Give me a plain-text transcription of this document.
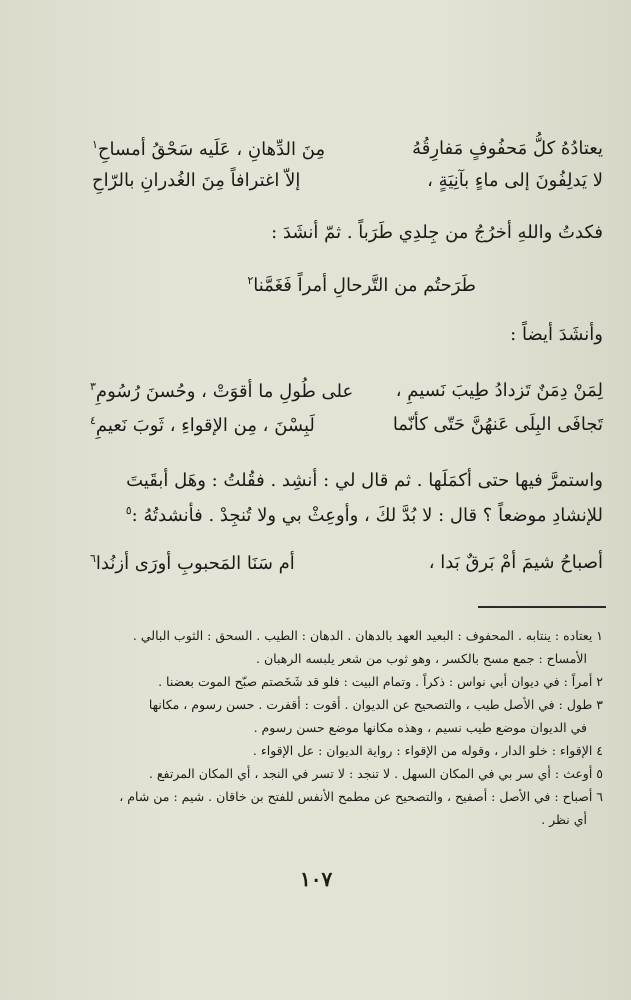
يعتادُهُ كلُّ مَحفُوفٍ مَفارِقُهُ
مِنَ الدِّهانِ ، عَلَيه سَحْقُ أمساحِ$^١$
لا يَدلِفُونَ إلى ماءٍ بآنِيَةٍ ،
إلاّ اغترافاً مِنَ الغُدرانِ بالرّاحِ
فكدتُ واللهِ أخرُجُ من جِلدِي طَرَباً . ثمّ أنشَدَ :
طَرَحتُم من التَّرحالِ أمراً فَغَمَّنا$^٢$
وأنشَدَ أيضاً :
لِمَنْ دِمَنٌ تَزدادُ طِيبَ نَسيمِ ،
على طُولِ ما أقوَتْ ، وحُسنَ رُسُومِ$^٣$
تَجافَى البِلَى عَنهُنَّ حَتّى كأنّما
لَبِسْنَ ، مِن الإقواءِ ، ثَوبَ نَعيمِ$^٤$
واستمرَّ فيها حتى أكمَلَها . ثم قال لي : أنشِد . فقُلتُ : وهَل أبقَيتَ
للإنشادِ موضعاً ؟ قال : لا بُدَّ لكَ ، وأوعِثْ بي ولا تُنجِدْ . فأنشدتُهُ :$^٥$
أصباحُ شيمَ أمْ بَرقٌ بَدا ،
أم سَنَا المَحبوبِ أورَى أزنُدا$^٦$
١ يعتاده : ينتابه . المحفوف : البعيد العهد بالدهان . الدهان : الطيب . السحق : الثوب البالي .
الأمساح : جمع مسح بالكسر ، وهو ثوب من شعر يلبسه الرهبان .
٢ أمراً : في ديوان أبي نواس : ذكراً . وتمام البيت : فلو قد شَخَصتم صبّح الموت بعضنا .
٣ طول : في الأصل طيب ، والتصحيح عن الديوان . أقوت : أقفرت . حسن رسوم ، مكانها
في الديوان موضع طيب نسيم ، وهذه مكانها موضع حسن رسوم .
٤ الإقواء : خلو الدار ، وقوله من الإقواء : رواية الديوان : عل الإقواء .
٥ أوعث : أي سر بي في المكان السهل . لا تنجد : لا تسر في النجد ، أي المكان المرتفع .
٦ أصباح : في الأصل : أصفيح ، والتصحيح عن مطمح الأنفس للفتح بن خاقان . شيم : من شام ،
أي نظر .
١٠٧
